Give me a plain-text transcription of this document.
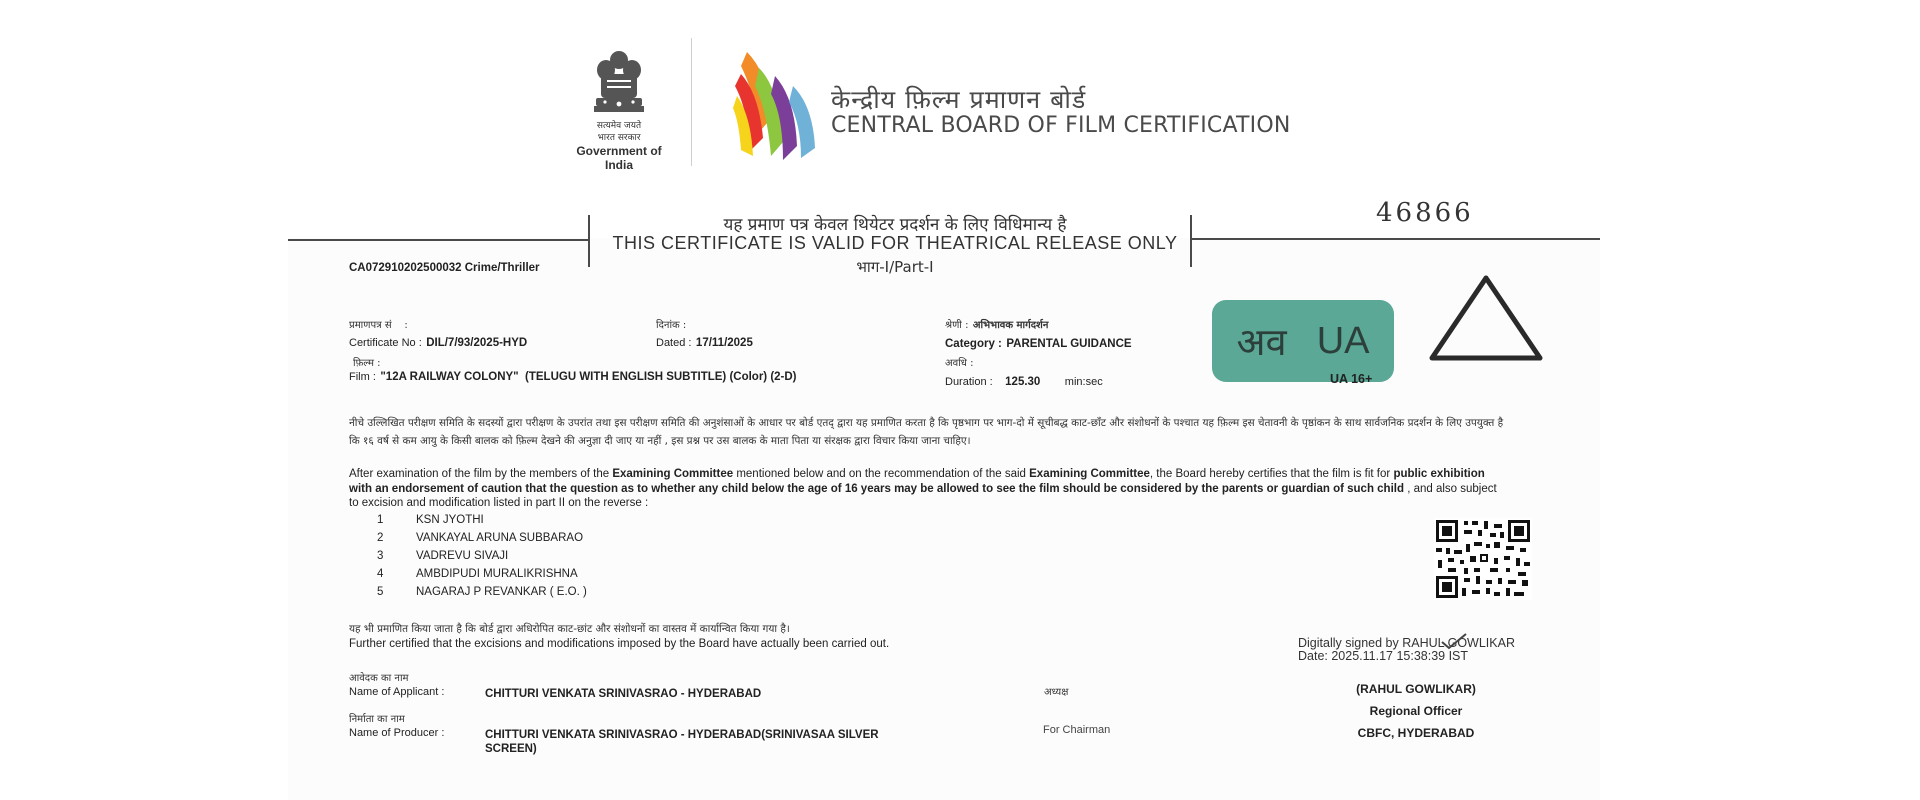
सत्यमेव जयते
भारत सरकार
Government of India
केन्द्रीय फ़िल्म प्रमाणन बोर्ड
CENTRAL BOARD OF FILM CERTIFICATION
यह प्रमाण पत्र केवल थियेटर प्रदर्शन के लिए विधिमान्य है
THIS CERTIFICATE IS VALID FOR THEATRICAL RELEASE ONLY
भाग-I/Part-I
46866
CA072910202500032 Crime/Thriller
प्रमाणपत्र सं    :
Certificate No : DIL/7/93/2025-HYD
दिनांक :
Dated : 17/11/2025
श्रेणी : अभिभावक मार्गदर्शन
Category : PARENTAL GUIDANCE
फ़िल्म :
Film : "12A RAILWAY COLONY"  (TELUGU WITH ENGLISH SUBTITLE) (Color) (2-D)
अवधि :
Duration : 125.30 min:sec
अव UA
UA 16+
नीचे उल्लिखित परीक्षण समिति के सदस्यों द्वारा परीक्षण के उपरांत तथा इस परीक्षण समिति की अनुशंसाओं के आधार पर बोर्ड एतद् द्वारा यह प्रमाणित करता है कि पृष्ठभाग पर भाग-दो में सूचीबद्ध काट-छाँट और संशोधनों के पश्चात यह फ़िल्म इस चेतावनी के पृष्ठांकन के साथ सार्वजनिक प्रदर्शन के लिए उपयुक्त है कि १६ वर्ष से कम आयु के किसी बालक को फ़िल्म देखने की अनुज्ञा दी जाए या नहीं , इस प्रश्न पर उस बालक के माता पिता या संरक्षक द्वारा विचार किया जाना चाहिए।
After examination of the film by the members of the Examining Committee mentioned below and on the recommendation of the said Examining Committee, the Board hereby certifies that the film is fit for public exhibition with an endorsement of caution that the question as to whether any child below the age of 16 years may be allowed to see the film should be considered by the parents or guardian of such child , and also subject to excision and modification listed in part II on the reverse :
1	KSN JYOTHI
2	VANKAYAL ARUNA SUBBARAO
3	VADREVU SIVAJI
4	AMBDIPUDI MURALIKRISHNA
5	NAGARAJ P REVANKAR ( E.O. )
यह भी प्रमाणित किया जाता है कि बोर्ड द्वारा अधिरोपित काट-छांट और संशोधनों का वास्तव में कार्यान्वित किया गया है।
Further certified that the excisions and modifications imposed by the Board have actually been carried out.	Digitally signed by RAHUL GOWLIKAR
Date: 2025.11.17 15:38:39 IST
आवेदक का नाम
Name of Applicant :	CHITTURI VENKATA SRINIVASRAO - HYDERABAD
निर्माता का नाम
Name of Producer :	CHITTURI VENKATA SRINIVASRAO - HYDERABAD(SRINIVASAA SILVER
SCREEN)
अध्यक्ष
For Chairman
(RAHUL GOWLIKAR)
Regional Officer
CBFC, HYDERABAD
